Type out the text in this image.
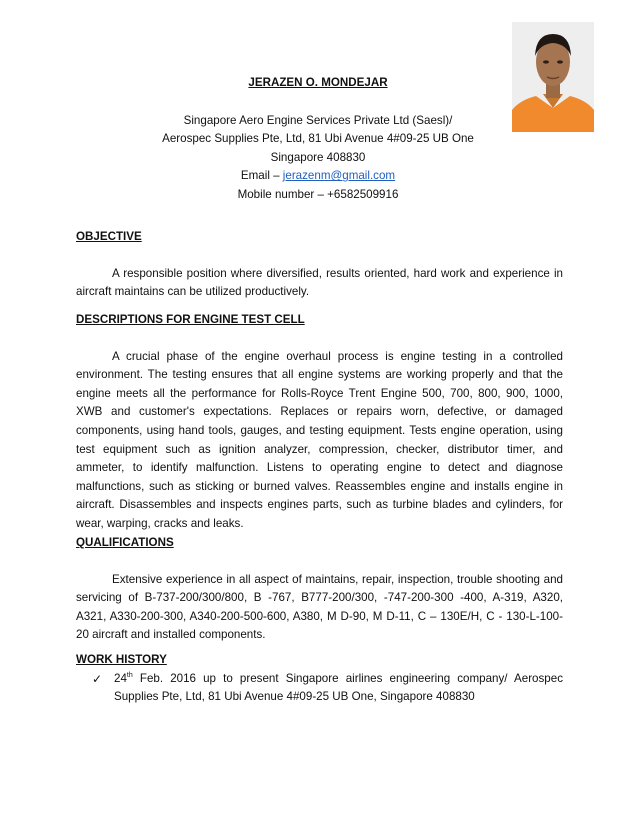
JERAZEN O. MONDEJAR
Singapore Aero Engine Services Private Ltd (Saesl)/
Aerospec Supplies Pte, Ltd, 81 Ubi Avenue 4#09-25 UB One
Singapore 408830
Email – jerazenm@gmail.com
Mobile number – +6582509916
OBJECTIVE
A responsible position where diversified, results oriented, hard work and experience in aircraft maintains can be utilized productively.
DESCRIPTIONS FOR ENGINE TEST CELL
A crucial phase of the engine overhaul process is engine testing in a controlled environment. The testing ensures that all engine systems are working properly and that the engine meets all the performance for Rolls-Royce Trent Engine 500, 700, 800, 900, 1000, XWB and customer's expectations. Replaces or repairs worn, defective, or damaged components, using hand tools, gauges, and testing equipment. Tests engine operation, using test equipment such as ignition analyzer, compression, checker, distributor timer, and ammeter, to identify malfunction. Listens to operating engine to detect and diagnose malfunctions, such as sticking or burned valves. Reassembles engine and installs engine in aircraft. Disassembles and inspects engines parts, such as turbine blades and cylinders, for wear, warping, cracks and leaks.
QUALIFICATIONS
Extensive experience in all aspect of maintains, repair, inspection, trouble shooting and servicing of B-737-200/300/800, B -767, B777-200/300, -747-200-300 -400, A-319, A320, A321, A330-200-300, A340-200-500-600, A380, M D-90, M D-11, C – 130E/H, C - 130-L-100-20 aircraft and installed components.
WORK HISTORY
✓ 24th Feb. 2016 up to present Singapore airlines engineering company/ Aerospec Supplies Pte, Ltd, 81 Ubi Avenue 4#09-25 UB One, Singapore 408830
